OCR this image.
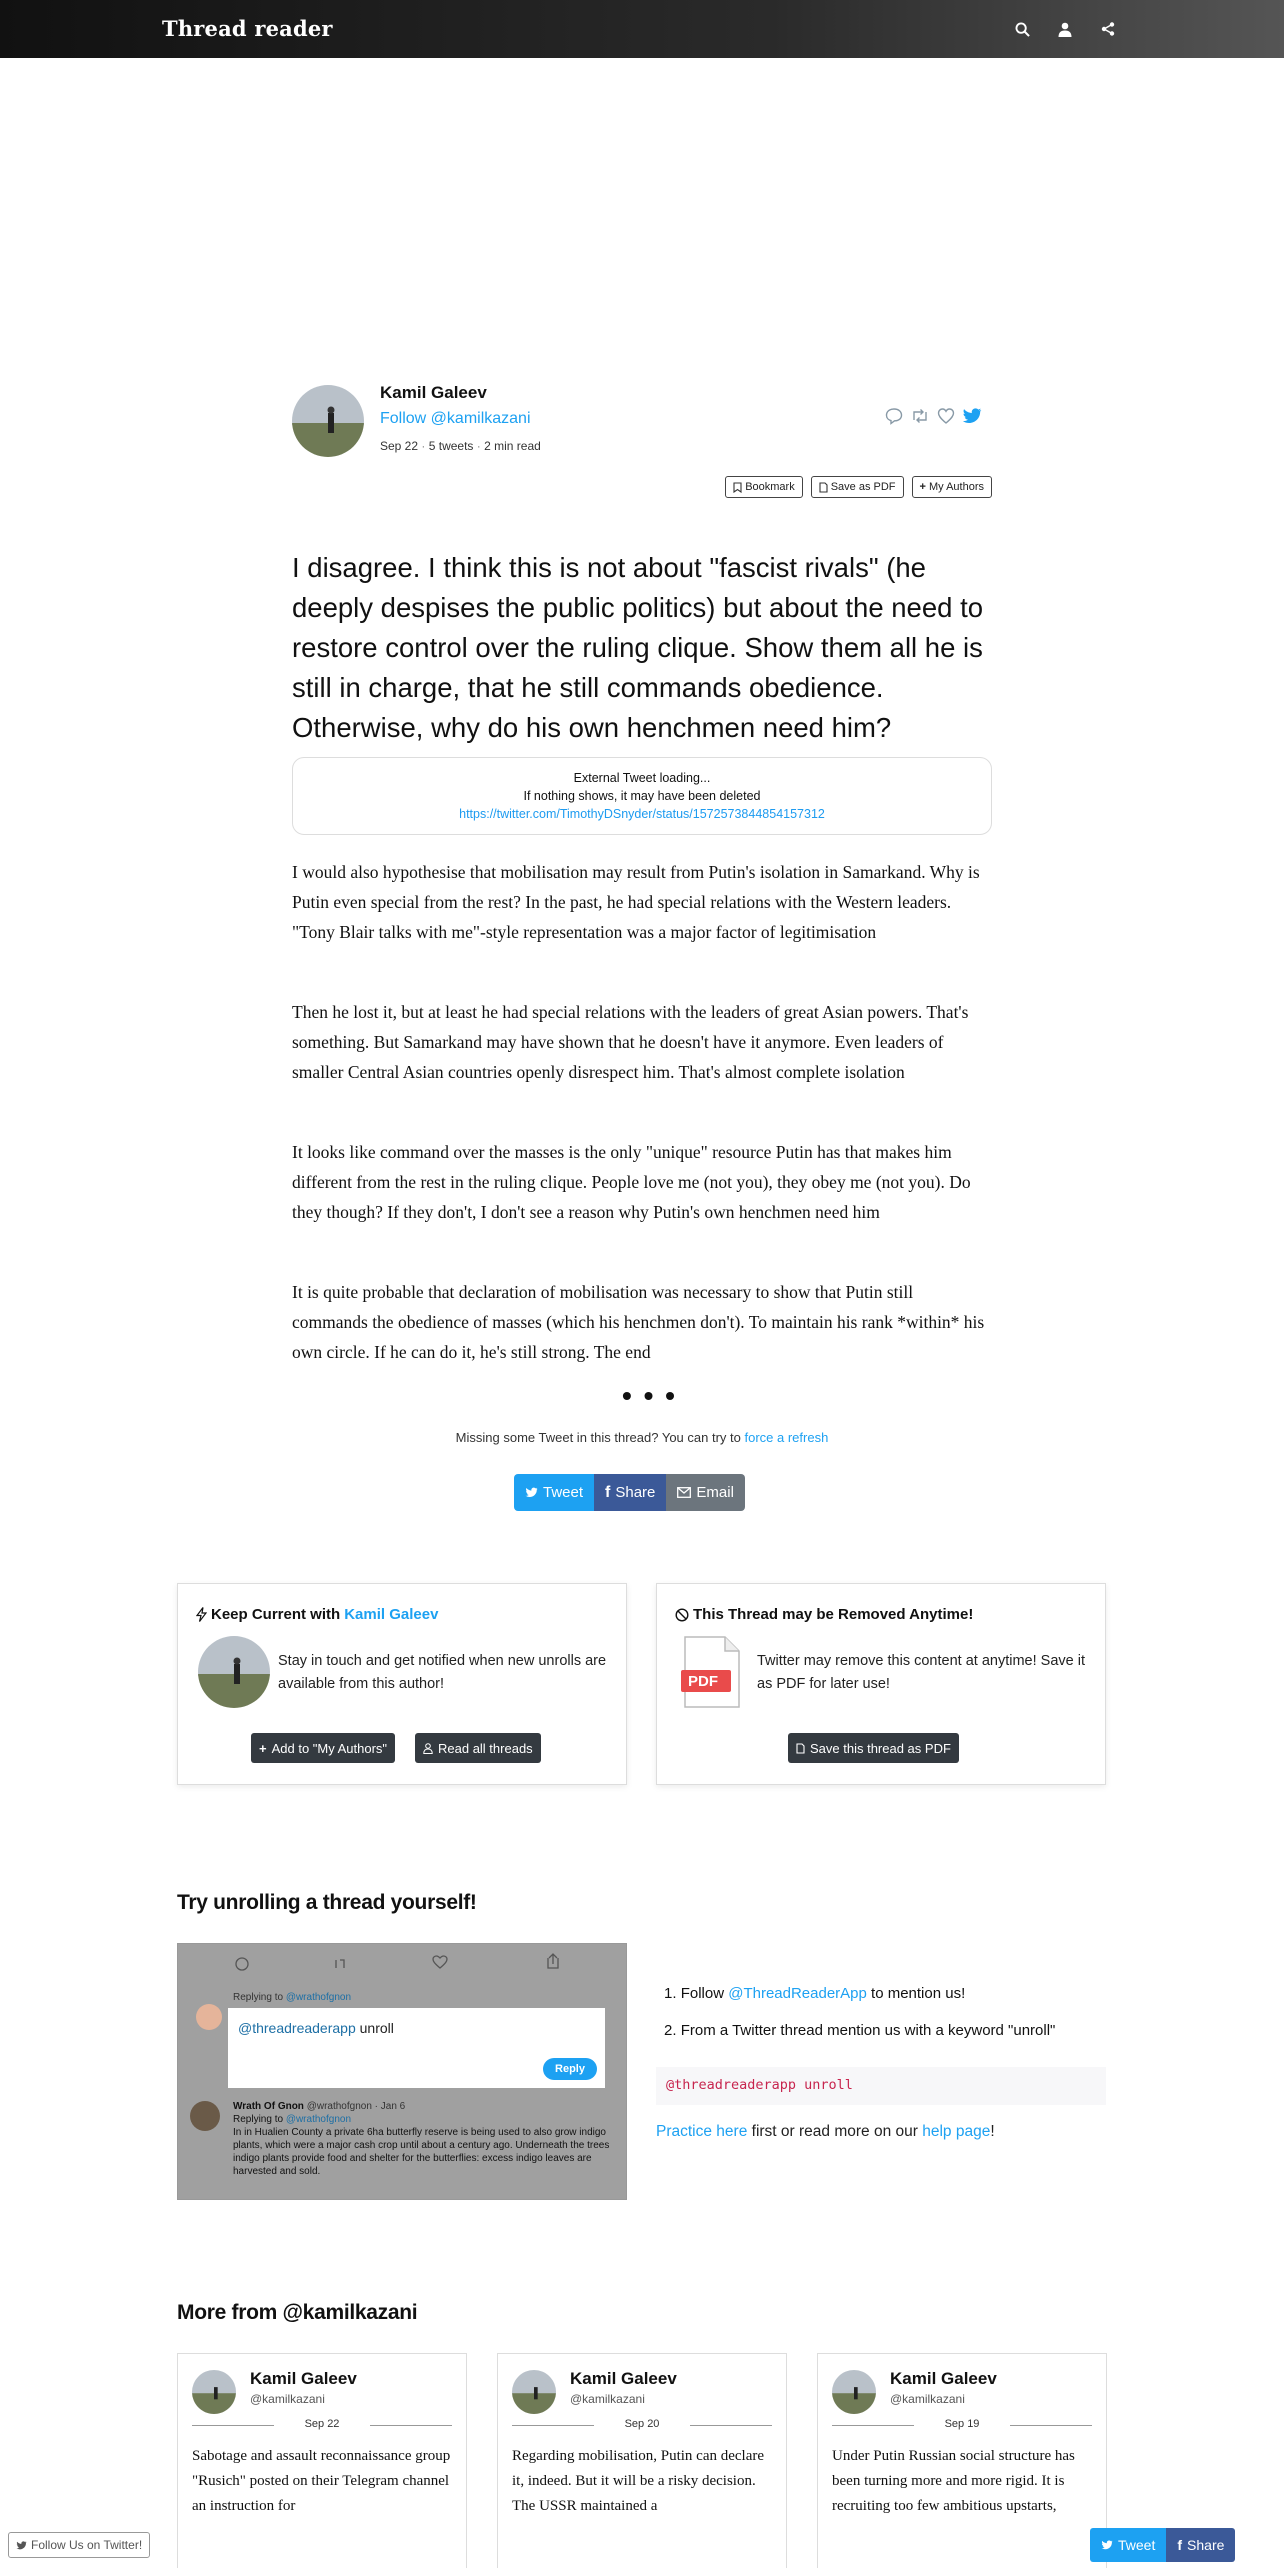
Thread reader
Kamil Galeev
Follow @kamilkazani
Sep 22 · 5 tweets · 2 min read
Bookmark	Save as PDF + My Authors
I disagree. I think this is not about "fascist rivals" (he deeply despises the public politics) but about the need to restore control over the ruling clique. Show them all he is still in charge, that he still commands obedience. Otherwise, why do his own henchmen need him?
External Tweet loading...
If nothing shows, it may have been deleted
https://twitter.com/TimothyDSnyder/status/1572573844854157312

I would also hypothesise that mobilisation may result from Putin's isolation in Samarkand. Why is Putin even special from the rest? In the past, he had special relations with the Western leaders. "Tony Blair talks with me"-style representation was a major factor of legitimisation

Then he lost it, but at least he had special relations with the leaders of great Asian powers. That's something. But Samarkand may have shown that he doesn't have it anymore. Even leaders of smaller Central Asian countries openly disrespect him. That's almost complete isolation

It looks like command over the masses is the only "unique" resource Putin has that makes him different from the rest in the ruling clique. People love me (not you), they obey me (not you). Do they though? If they don't, I don't see a reason why Putin's own henchmen need him

It is quite probable that declaration of mobilisation was necessary to show that Putin still commands the obedience of masses (which his henchmen don't). To maintain his rank *within* his own circle. If he can do it, he's still strong. The end

• • •
Missing some Tweet in this thread? You can try to force a refresh
Tweet f Share	Email
Keep Current with Kamil Galeev
Stay in touch and get notified when new unrolls are available from this author!
+ Add to "My Authors"	Read all threads
This Thread may be Removed Anytime!
PDF
Twitter may remove this content at anytime! Save it as PDF for later use!
Save this thread as PDF
Try unrolling a thread yourself!
Replying to @wrathofgnon
@threadreaderapp unroll
Reply
Wrath Of Gnon @wrathofgnon · Jan 6
Replying to @wrathofgnon
In in Hualien County a private 6ha butterfly reserve is being used to also grow indigo plants, which were a major cash crop until about a century ago. Underneath the trees indigo plants provide food and shelter for the butterflies: excess indigo leaves are harvested and sold.
1. Follow @ThreadReaderApp to mention us!
2. From a Twitter thread mention us with a keyword "unroll"
@threadreaderapp unroll
Practice here first or read more on our help page!
More from @kamilkazani
Kamil Galeev
@kamilkazani
Sep 22
Sabotage and assault reconnaissance group "Rusich" posted on their Telegram channel an instruction for
Kamil Galeev
@kamilkazani
Sep 20
Regarding mobilisation, Putin can declare it, indeed. But it will be a risky decision. The USSR maintained a
Kamil Galeev
@kamilkazani
Sep 19
Under Putin Russian social structure has been turning more and more rigid. It is recruiting too few ambitious upstarts,
Follow Us on Twitter!	Tweet f Share
